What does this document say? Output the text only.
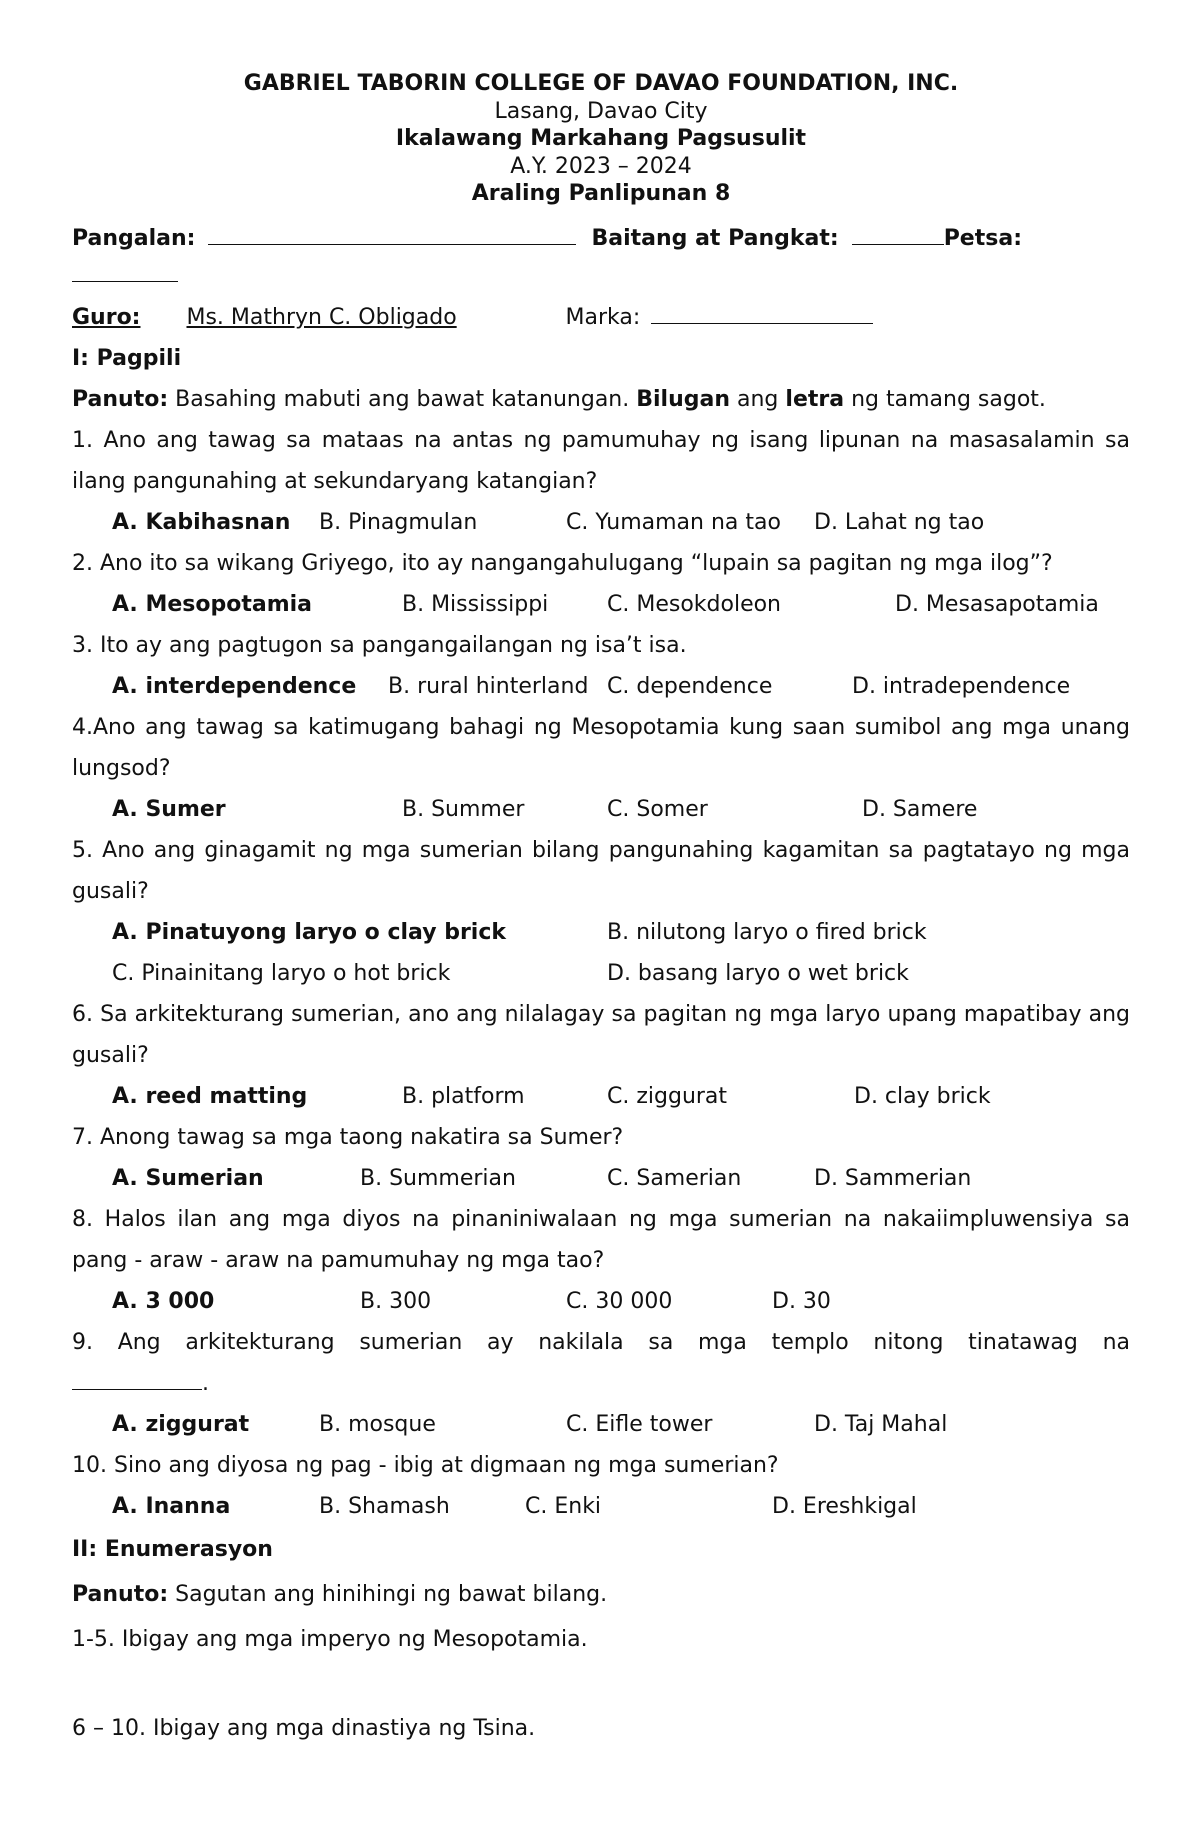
GABRIEL TABORIN COLLEGE OF DAVAO FOUNDATION, INC.
Lasang, Davao City
Ikalawang Markahang Pagsusulit
A.Y. 2023 – 2024
Araling Panlipunan 8
Pangalan:	Baitang at Pangkat:	Petsa:
Guro: Ms. Mathryn C. Obligado	Marka:
I: Pagpili
Panuto: Basahing mabuti ang bawat katanungan. Bilugan ang letra ng tamang sagot.
1. Ano ang tawag sa mataas na antas ng pamumuhay ng isang lipunan na masasalamin sa ilang pangunahing at sekundaryang katangian?
A. Kabihasnan B. Pinagmulan	C. Yumaman na tao D. Lahat ng tao
2. Ano ito sa wikang Griyego, ito ay nangangahulugang “lupain sa pagitan ng mga ilog”?
A. Mesopotamia	B. Mississippi	C. Mesokdoleon	D. Mesasapotamia
3. Ito ay ang pagtugon sa pangangailangan ng isa’t isa.
A. interdependence B. rural hinterland C. dependence	D. intradependence
4.Ano ang tawag sa katimugang bahagi ng Mesopotamia kung saan sumibol ang mga unang lungsod?
A. Sumer	B. Summer	C. Somer	D. Samere
5. Ano ang ginagamit ng mga sumerian bilang pangunahing kagamitan sa pagtatayo ng mga gusali?
A. Pinatuyong laryo o clay brick	B. nilutong laryo o fired brick
C. Pinainitang laryo o hot brick	D. basang laryo o wet brick
6. Sa arkitekturang sumerian, ano ang nilalagay sa pagitan ng mga laryo upang mapatibay ang gusali?
A. reed matting	B. platform	C. ziggurat	D. clay brick
7. Anong tawag sa mga taong nakatira sa Sumer?
A. Sumerian	B. Summerian	C. Samerian	D. Sammerian
8. Halos ilan ang mga diyos na pinaniniwalaan ng mga sumerian na nakaiimpluwensiya sa pang - araw - araw na pamumuhay ng mga tao?
A. 3 000	B. 300	C. 30 000	D. 30
9. Ang arkitekturang sumerian ay nakilala sa mga templo nitong tinatawag na
.
A. ziggurat	B. mosque	C. Eifle tower	D. Taj Mahal
10. Sino ang diyosa ng pag - ibig at digmaan ng mga sumerian?
A. Inanna	B. Shamash	C. Enki	D. Ereshkigal
II: Enumerasyon
Panuto: Sagutan ang hinihingi ng bawat bilang.
1-5. Ibigay ang mga imperyo ng Mesopotamia.
6 – 10. Ibigay ang mga dinastiya ng Tsina.
